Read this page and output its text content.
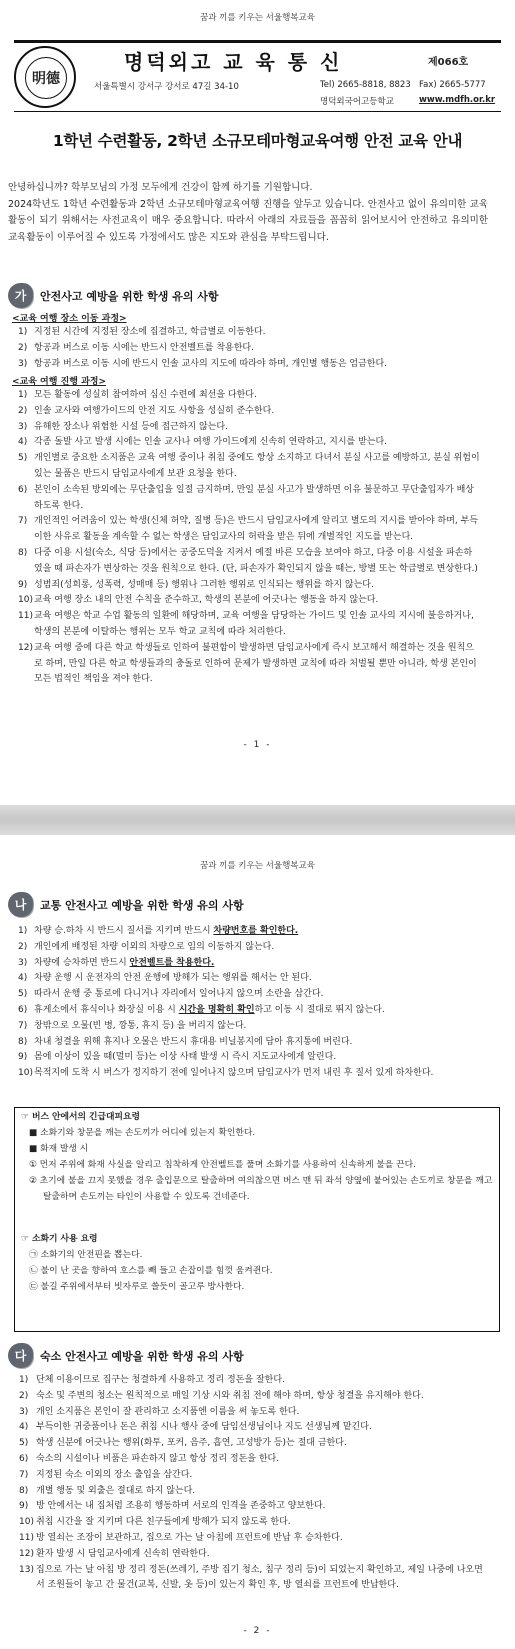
꿈과 끼를 키우는 서울행복교육
明德
명덕외고 교 육 통 신	제066호
서울특별시 강서구 강서로 47길 34-10	Tel) 2665-8818, 8823 Fax) 2665-5777
명덕외국어고등학교	www.mdfh.or.kr
1학년 수련활동, 2학년 소규모테마형교육여행 안전 교육 안내

안녕하십니까? 학부모님의 가정 모두에게 건강이 함께 하기를 기원합니다.

2024학년도 1학년 수련활동과 2학년 소규모테마형교육여행 진행을 앞두고 있습니다. 안전사고 없이 유의미한 교육활동이 되기 위해서는 사전교육이 매우 중요합니다. 따라서 아래의 자료들을 꼼꼼히 읽어보시어 안전하고 유의미한 교육활동이 이루어질 수 있도록 가정에서도 많은 지도와 관심을 부탁드립니다.

가	안전사고 예방을 위한 학생 유의 사항
<교육 여행 장소 이동 과정>
1) 지정된 시간에 지정된 장소에 집결하고, 학급별로 이동한다.
2) 항공과 버스로 이동 시에는 반드시 안전벨트를 착용한다.
3) 항공과 버스로 이동 시에 반드시 인솔 교사의 지도에 따라야 하며, 개인별 행동은 엄금한다.
<교육 여행 진행 과정>
1) 모든 활동에 성실히 참여하여 심신 수련에 최선을 다한다.
2) 인솔 교사와 여행가이드의 안전 지도 사항을 성실히 준수한다.
3) 유해한 장소나 위험한 시설 등에 접근하지 않는다.
4) 각종 돌발 사고 발생 시에는 인솔 교사나 여행 가이드에게 신속히 연락하고, 지시를 받는다.
5) 개인별로 중요한 소지품은 교육 여행 중이나 취침 중에도 항상 소지하고 다녀서 분실 사고를 예방하고, 분실 위험이 있는 물품은 반드시 담임교사에게 보관 요청을 한다.
6) 본인이 소속된 방외에는 무단출입을 일절 금지하며, 만일 분실 사고가 발생하면 이유 불문하고 무단출입자가 배상하도록 한다.
7) 개인적인 어려움이 있는 학생(신체 허약, 질병 등)은 반드시 담임교사에게 알리고 별도의 지시를 받아야 하며, 부득이한 사유로 활동을 계속할 수 없는 학생은 담임교사의 허락을 받은 뒤에 개별적인 지도를 받는다.
8) 다중 이용 시설(숙소, 식당 등)에서는 공중도덕을 지켜서 예절 바른 모습을 보여야 하고, 다중 이용 시설을 파손하였을 때 파손자가 변상하는 것을 원칙으로 한다. (단, 파손자가 확인되지 않을 때는, 방별 또는 학급별로 변상한다.)
9) 성범죄(성희롱, 성폭력, 성매매 등) 행위나 그러한 행위로 인식되는 행위를 하지 않는다.
10) 교육 여행 장소 내의 안전 수칙을 준수하고, 학생의 본분에 어긋나는 행동을 하지 않는다.
11) 교육 여행은 학교 수업 활동의 일환에 해당하며, 교육 여행을 담당하는 가이드 및 인솔 교사의 지시에 불응하거나, 학생의 본분에 이탈하는 행위는 모두 학교 교칙에 따라 처리한다.
12) 교육 여행 중에 다른 학교 학생들로 인하여 불편함이 발생하면 담임교사에게 즉시 보고해서 해결하는 것을 원칙으로 하며, 만일 다른 학교 학생들과의 충돌로 인하여 문제가 발생하면 교칙에 따라 처벌될 뿐만 아니라, 학생 본인이 모든 법적인 책임을 져야 한다.
- 1 -
꿈과 끼를 키우는 서울행복교육
나	교통 안전사고 예방을 위한 학생 유의 사항
1) 차량 승.하차 시 반드시 질서를 지키며 반드시 차량번호를 확인한다.
2) 개인에게 배정된 차량 이외의 차량으로 임의 이동하지 않는다.
3) 차량에 승차하면 반드시 안전벨트를 착용한다.
4) 차량 운행 시 운전자의 안전 운행에 방해가 되는 행위를 해서는 안 된다.
5) 따라서 운행 중 통로에 다니거나 자리에서 일어나지 않으며 소란을 삼간다.
6) 휴게소에서 휴식이나 화장실 이용 시 시간을 명확히 확인하고 이동 시 절대로 뛰지 않는다.
7) 창밖으로 오물(빈 병, 깡통, 휴지 등) 을 버리지 않는다.
8) 차내 청결을 위해 휴지나 오물은 반드시 휴대용 비닐봉지에 담아 휴지통에 버린다.
9) 몸에 이상이 있을 때(멀미 등)는 이상 사태 발생 시 즉시 지도교사에게 알린다.
10) 목적지에 도착 시 버스가 정지하기 전에 일어나지 않으며 담임교사가 먼저 내린 후 질서 있게 하차한다.
☞ 버스 안에서의 긴급대피요령
■ 소화기와 창문을 깨는 손도끼가 어디에 있는지 확인한다.
■ 화재 발생 시
① 먼저 주위에 화재 사실을 알리고 침착하게 안전벨트를 풀며 소화기를 사용하여 신속하게 불을 끈다.
② 초기에 불을 끄지 못했을 경우 출입문으로 탈출하며 여의찮으면 버스 맨 뒤 좌석 양옆에 붙어있는 손도끼로 창문을 깨고 탈출하며 손도끼는 타인이 사용할 수 있도록 건네준다.
☞ 소화기 사용 요령
㉠ 소화기의 안전핀을 뽑는다.
㉡ 불이 난 곳을 향하여 호스를 빼 들고 손잡이를 힘껏 움켜쥔다.
㉢ 불길 주위에서부터 빗자루로 쓸듯이 골고루 방사한다.
다	숙소 안전사고 예방을 위한 학생 유의 사항
1) 단체 이용이므로 집구는 청결하게 사용하고 정리 정돈을 잘한다.
2) 숙소 및 주변의 청소는 원칙적으로 매일 기상 시와 취침 전에 해야 하며, 항상 청결을 유지해야 한다.
3) 개인 소지품은 본인이 잘 관리하고 소지품엔 이름을 써 놓도록 한다.
4) 부득이한 귀중품이나 돈은 취침 시나 행사 중에 담임선생님이나 지도 선생님께 맡긴다.
5) 학생 신분에 어긋나는 행위(화투, 포커, 음주, 흡연, 고성방가 등)는 절대 금한다.
6) 숙소의 시설이나 비품은 파손하지 않고 항상 정리 정돈을 한다.
7) 지정된 숙소 이외의 장소 출입을 삼간다.
8) 개별 행동 및 외출은 절대로 하지 않는다.
9) 방 안에서는 내 집처럼 조용히 행동하며 서로의 인격을 존중하고 양보한다.
10) 취침 시간을 잘 지키며 다른 친구들에게 방해가 되지 않도록 한다.
11) 방 열쇠는 조장이 보관하고, 집으로 가는 날 아침에 프런트에 반납 후 승차한다.
12) 환자 발생 시 담임교사에게 신속히 연락한다.
13) 집으로 가는 날 아침 방 정리 정돈(쓰레기, 주방 집기 청소, 침구 정리 등)이 되었는지 확인하고, 제일 나중에 나오면서 조원들이 놓고 간 물건(교복, 신발, 옷 등)이 있는지 확인 후, 방 열쇠를 프런트에 반납한다.
- 2 -
